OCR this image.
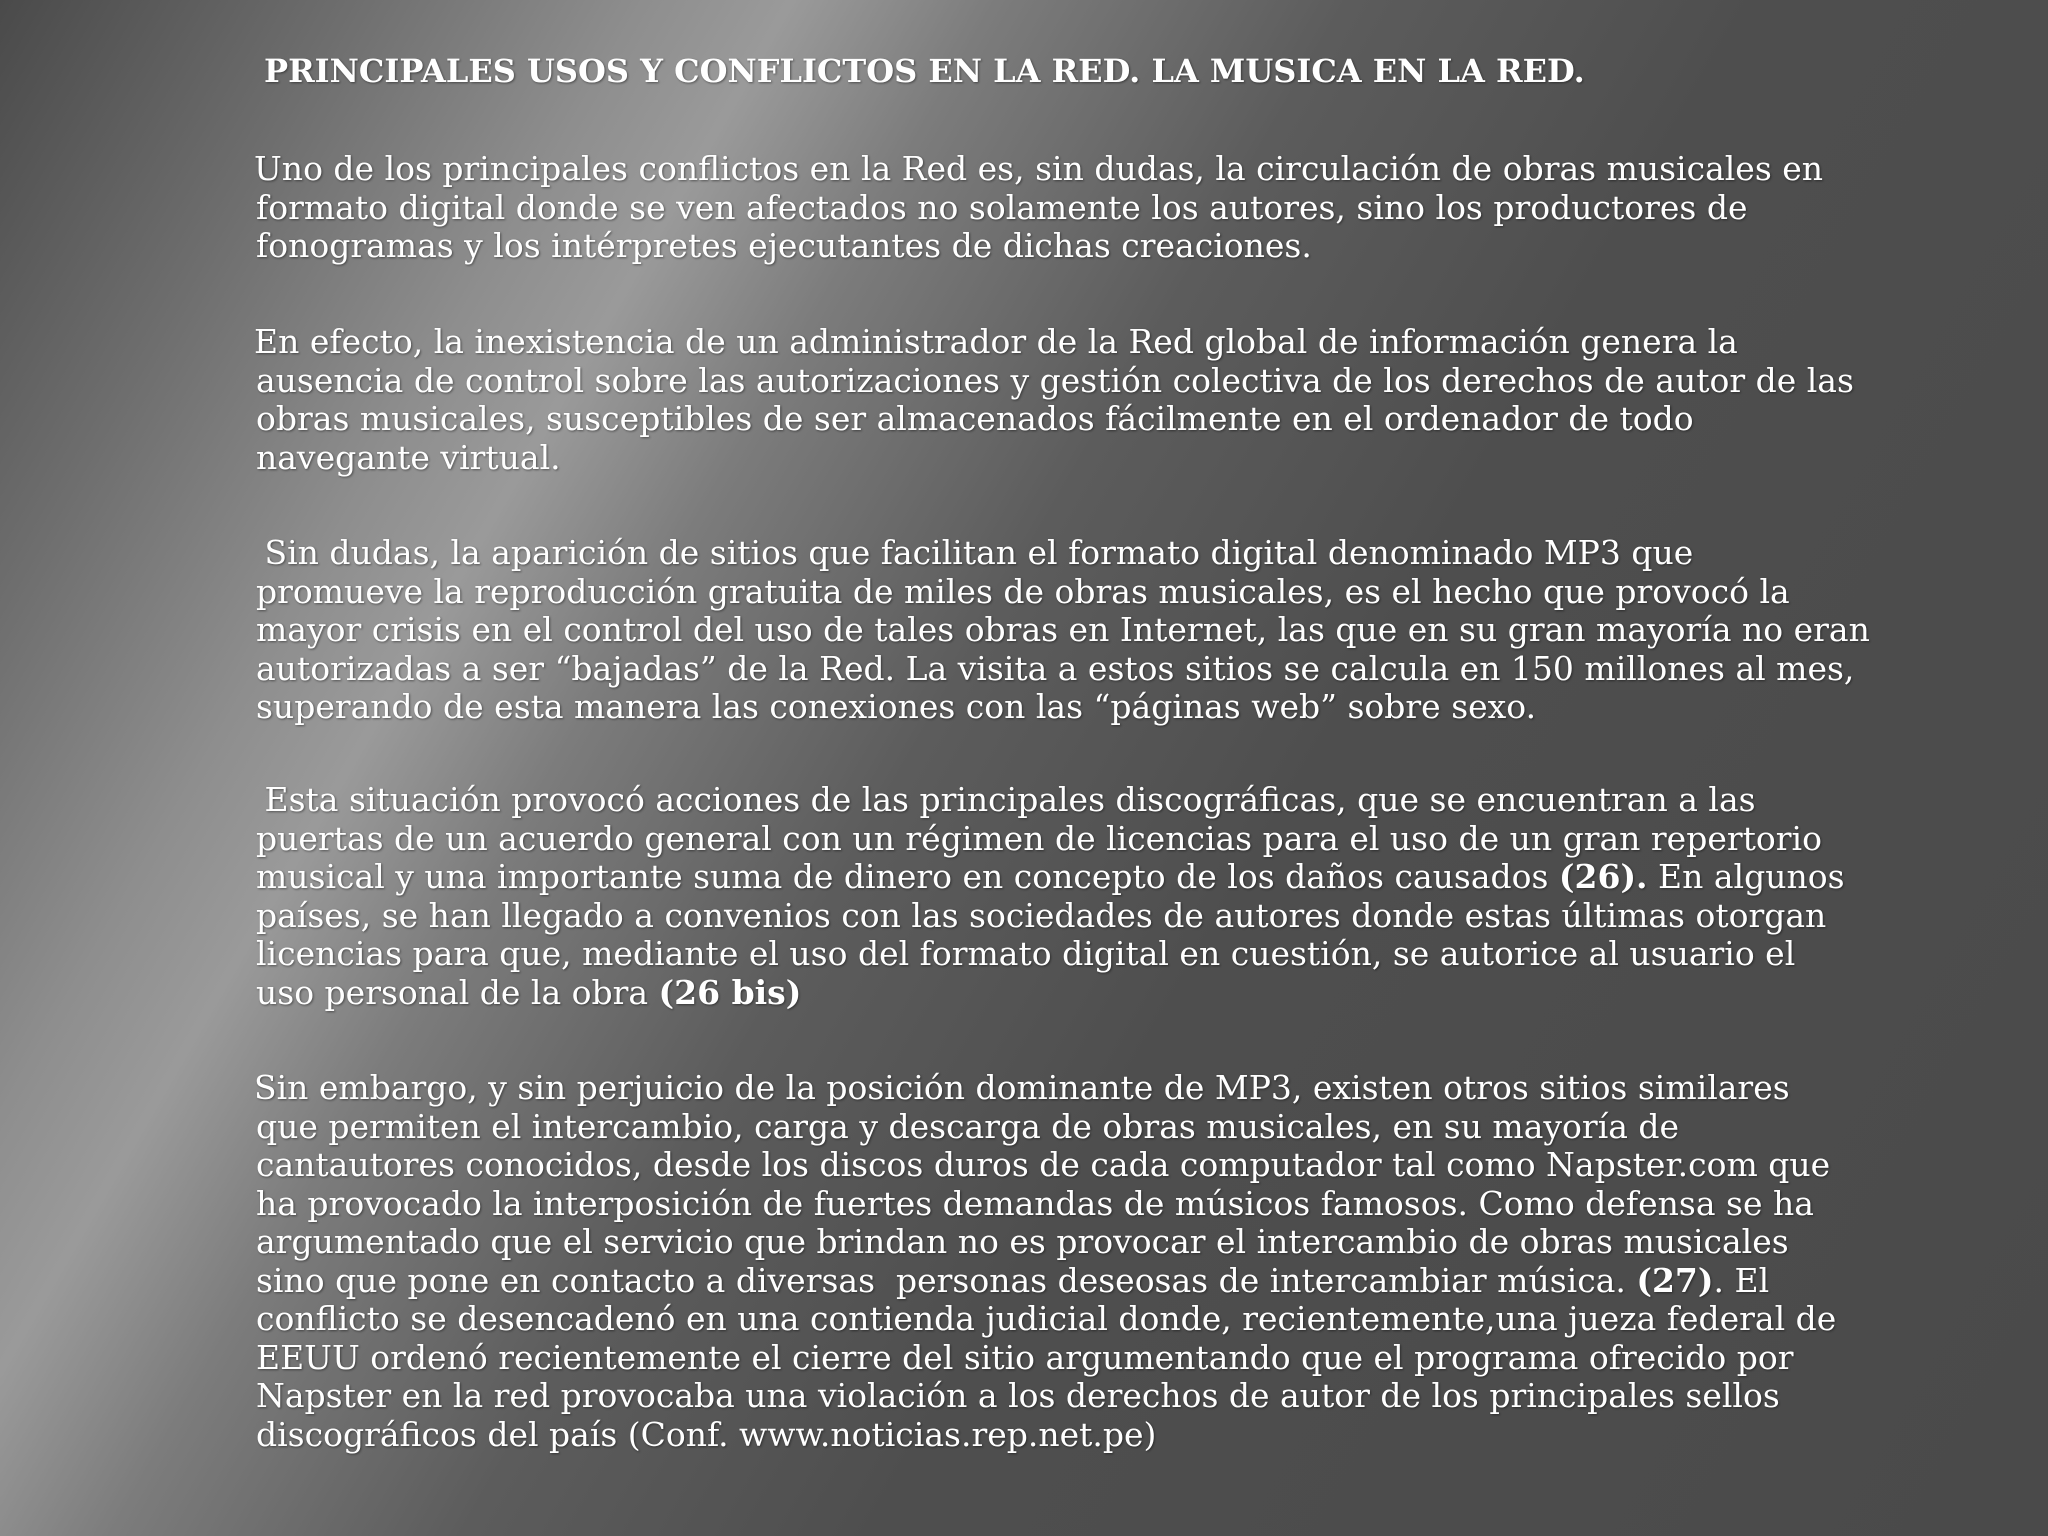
PRINCIPALES USOS Y CONFLICTOS EN LA RED. LA MUSICA EN LA RED.
Uno de los principales conflictos en la Red es, sin dudas, la circulación de obras musicales en
formato digital donde se ven afectados no solamente los autores, sino los productores de
fonogramas y los intérpretes ejecutantes de dichas creaciones.
En efecto, la inexistencia de un administrador de la Red global de información genera la
ausencia de control sobre las autorizaciones y gestión colectiva de los derechos de autor de las
obras musicales, susceptibles de ser almacenados fácilmente en el ordenador de todo
navegante virtual.
Sin dudas, la aparición de sitios que facilitan el formato digital denominado MP3 que
promueve la reproducción gratuita de miles de obras musicales, es el hecho que provocó la
mayor crisis en el control del uso de tales obras en Internet, las que en su gran mayoría no eran
autorizadas a ser “bajadas” de la Red. La visita a estos sitios se calcula en 150 millones al mes,
superando de esta manera las conexiones con las “páginas web” sobre sexo.
Esta situación provocó acciones de las principales discográficas, que se encuentran a las
puertas de un acuerdo general con un régimen de licencias para el uso de un gran repertorio
musical y una importante suma de dinero en concepto de los daños causados (26). En algunos
países, se han llegado a convenios con las sociedades de autores donde estas últimas otorgan
licencias para que, mediante el uso del formato digital en cuestión, se autorice al usuario el
uso personal de la obra (26 bis)
Sin embargo, y sin perjuicio de la posición dominante de MP3, existen otros sitios similares
que permiten el intercambio, carga y descarga de obras musicales, en su mayoría de
cantautores conocidos, desde los discos duros de cada computador tal como Napster.com que
ha provocado la interposición de fuertes demandas de músicos famosos. Como defensa se ha
argumentado que el servicio que brindan no es provocar el intercambio de obras musicales
sino que pone en contacto a diversas  personas deseosas de intercambiar música. (27). El
conflicto se desencadenó en una contienda judicial donde, recientemente,una jueza federal de
EEUU ordenó recientemente el cierre del sitio argumentando que el programa ofrecido por
Napster en la red provocaba una violación a los derechos de autor de los principales sellos
discográficos del país (Conf. www.noticias.rep.net.pe)
